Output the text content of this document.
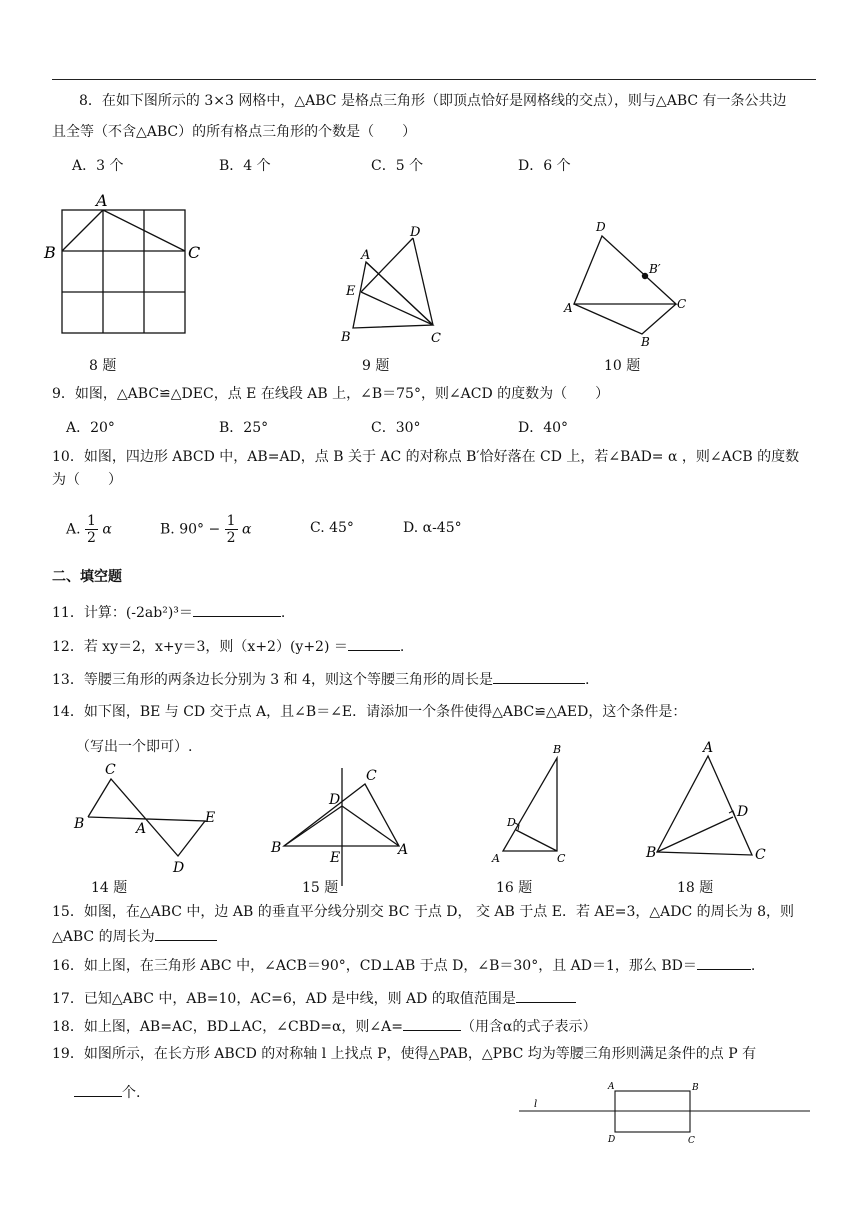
8．在如下图所示的 3×3 网格中，△ABC 是格点三角形（即顶点恰好是网格线的交点），则与△ABC 有一条公共边
且全等（不含△ABC）的所有格点三角形的个数是（　　）
A．3 个	B．4 个	C．5 个	D．6 个
A
B	C	A
B	C
D
E
A
B
C
D
B′
8 题	9 题	10 题
9．如图，△ABC≌△DEC，点 E 在线段 AB 上，∠B＝75°，则∠ACD 的度数为（　　）
A．20°	B．25°	C．30°	D．40°
10．如图，四边形 ABCD 中，AB=AD，点 B 关于 AC 的对称点 B′恰好落在 CD 上，若∠BAD= α ，则∠ACB 的度数
为（　　）
A. $\frac{1}{2}$ α	B. $90^\circ - \frac{1}{2}$ α	C. 45°	D. α-45°
二、填空题
11．计算：(-2ab²)³＝	.
12．若 xy＝2，x+y＝3，则（x+2）(y+2) ＝	.
13．等腰三角形的两条边长分别为 3 和 4，则这个等腰三角形的周长是	.
14．如下图，BE 与 CD 交于点 A，且∠B＝∠E．请添加一个条件使得△ABC≌△AED，这个条件是：
（写出一个即可）.
A
B
C
D
E
A
B
C
D
E	A
B
C
D
A
B	C
D
A	B
C
D
l
14 题	15 题	16 题	18 题
15．如图，在△ABC 中，边 AB 的垂直平分线分别交 BC 于点 D， 交 AB 于点 E．若 AE=3，△ADC 的周长为 8，则
△ABC 的周长为
16．如上图，在三角形 ABC 中，∠ACB＝90°，CD⊥AB 于点 D，∠B＝30°，且 AD＝1，那么 BD＝	.
17．已知△ABC 中，AB=10，AC=6，AD 是中线，则 AD 的取值范围是
18．如上图，AB=AC，BD⊥AC，∠CBD=α，则∠A=	（用含α的式子表示）
19．如图所示，在长方形 ABCD 的对称轴 l 上找点 P，使得△PAB，△PBC 均为等腰三角形则满足条件的点 P 有
个.
